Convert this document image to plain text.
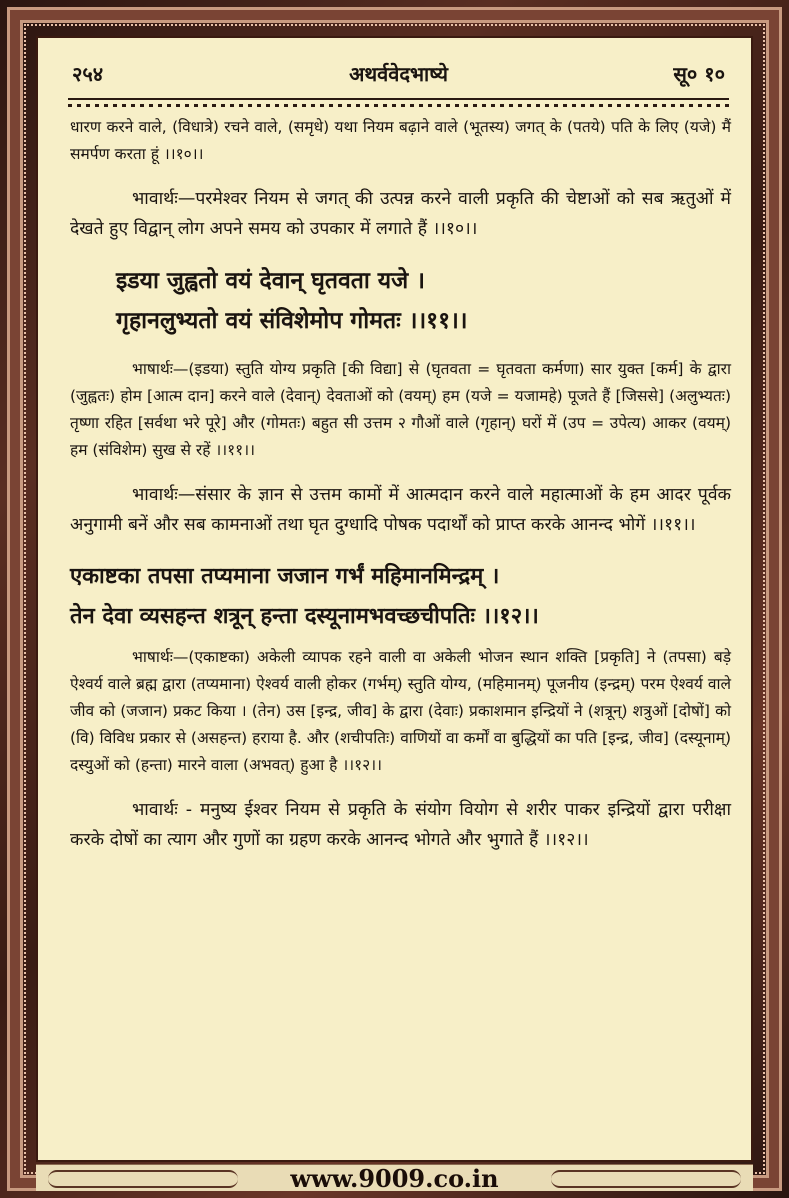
२५४	अथर्ववेदभाष्ये	सू० १०

धारण करने वाले, (विधात्रे) रचने वाले, (समृधे) यथा नियम बढ़ाने वाले (भूतस्य) जगत् के (पतये) पति के लिए (यजे) मैं समर्पण करता हूं ।।१०।।

भावार्थः—परमेश्वर नियम से जगत् की उत्पन्न करने वाली प्रकृति की चेष्टाओं को सब ऋतुओं में देखते हुए विद्वान् लोग अपने समय को उपकार में लगाते हैं ।।१०।।

इडया जुह्वतो वयं देवान् घृतवता यजे ।
गृहानलुभ्यतो वयं संविशेमोप गोमतः ।।११।।

भाषार्थः—(इडया) स्तुति योग्य प्रकृति [की विद्या] से (घृतवता = घृतवता कर्मणा) सार युक्त [कर्म] के द्वारा (जुह्वतः) होम [आत्म दान] करने वाले (देवान्) देवताओं को (वयम्) हम (यजे = यजामहे) पूजते हैं [जिससे] (अलुभ्यतः) तृष्णा रहित [सर्वथा भरे पूरे] और (गोमतः) बहुत सी उत्तम २ गौओं वाले (गृहान्) घरों में (उप = उपेत्य) आकर (वयम्) हम (संविशेम) सुख से रहें ।।११।।

भावार्थः—संसार के ज्ञान से उत्तम कामों में आत्मदान करने वाले महात्माओं के हम आदर पूर्वक अनुगामी बनें और सब कामनाओं तथा घृत दुग्धादि पोषक पदार्थों को प्राप्त करके आनन्द भोगें ।।११।।

एकाष्टका तपसा तप्यमाना जजान गर्भं महिमानमिन्द्रम् ।
तेन देवा व्यसहन्त शत्रून् हन्ता दस्यूनामभवच्छचीपतिः ।।१२।।

भाषार्थः—(एकाष्टका) अकेली व्यापक रहने वाली वा अकेली भोजन स्थान शक्ति [प्रकृति] ने (तपसा) बड़े ऐश्वर्य वाले ब्रह्म द्वारा (तप्यमाना) ऐश्वर्य वाली होकर (गर्भम्) स्तुति योग्य, (महिमानम्) पूजनीय (इन्द्रम्) परम ऐश्वर्य वाले जीव को (जजान) प्रकट किया । (तेन) उस [इन्द्र, जीव] के द्वारा (देवाः) प्रकाशमान इन्द्रियों ने (शत्रून्) शत्रुओं [दोषों] को (वि) विविध प्रकार से (असहन्त) हराया है. और (शचीपतिः) वाणियों वा कर्मों वा बुद्धियों का पति [इन्द्र, जीव] (दस्यूनाम्) दस्युओं को (हन्ता) मारने वाला (अभवत्) हुआ है ।।१२।।

भावार्थः - मनुष्य ईश्वर नियम से प्रकृति के संयोग वियोग से शरीर पाकर इन्द्रियों द्वारा परीक्षा करके दोषों का त्याग और गुणों का ग्रहण करके आनन्द भोगते और भुगाते हैं ।।१२।।

www.9009.co.in
